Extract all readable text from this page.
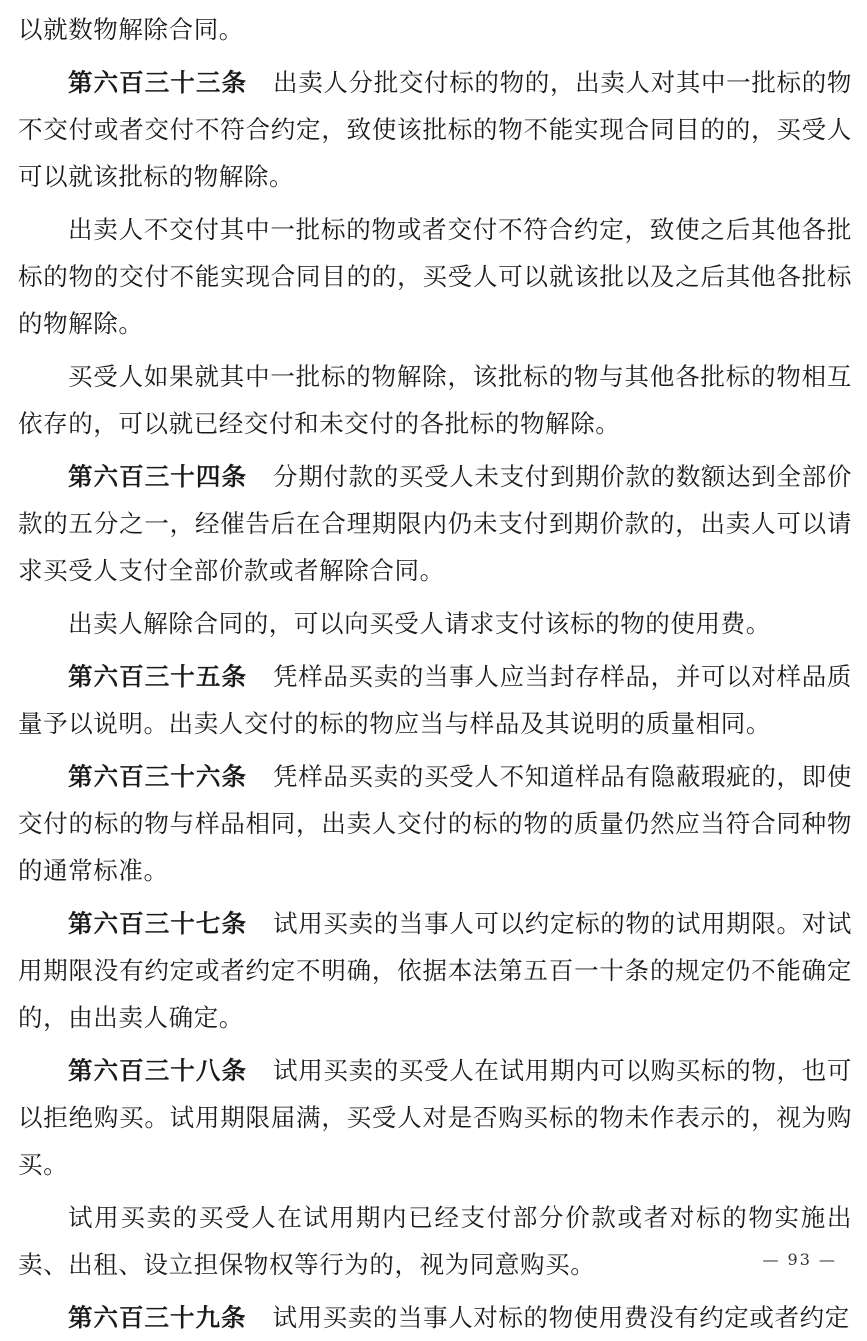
以就数物解除合同。

第六百三十三条 出卖人分批交付标的物的，出卖人对其中一批标的物不交付或者交付不符合约定，致使该批标的物不能实现合同目的的，买受人可以就该批标的物解除。

出卖人不交付其中一批标的物或者交付不符合约定，致使之后其他各批标的物的交付不能实现合同目的的，买受人可以就该批以及之后其他各批标的物解除。

买受人如果就其中一批标的物解除，该批标的物与其他各批标的物相互依存的，可以就已经交付和未交付的各批标的物解除。

第六百三十四条 分期付款的买受人未支付到期价款的数额达到全部价款的五分之一，经催告后在合理期限内仍未支付到期价款的，出卖人可以请求买受人支付全部价款或者解除合同。

出卖人解除合同的，可以向买受人请求支付该标的物的使用费。

第六百三十五条 凭样品买卖的当事人应当封存样品，并可以对样品质量予以说明。出卖人交付的标的物应当与样品及其说明的质量相同。

第六百三十六条 凭样品买卖的买受人不知道样品有隐蔽瑕疵的，即使交付的标的物与样品相同，出卖人交付的标的物的质量仍然应当符合同种物的通常标准。

第六百三十七条 试用买卖的当事人可以约定标的物的试用期限。对试用期限没有约定或者约定不明确，依据本法第五百一十条的规定仍不能确定的，由出卖人确定。

第六百三十八条 试用买卖的买受人在试用期内可以购买标的物，也可以拒绝购买。试用期限届满，买受人对是否购买标的物未作表示的，视为购买。

试用买卖的买受人在试用期内已经支付部分价款或者对标的物实施出卖、出租、设立担保物权等行为的，视为同意购买。

第六百三十九条 试用买卖的当事人对标的物使用费没有约定或者约定

— 93 —
